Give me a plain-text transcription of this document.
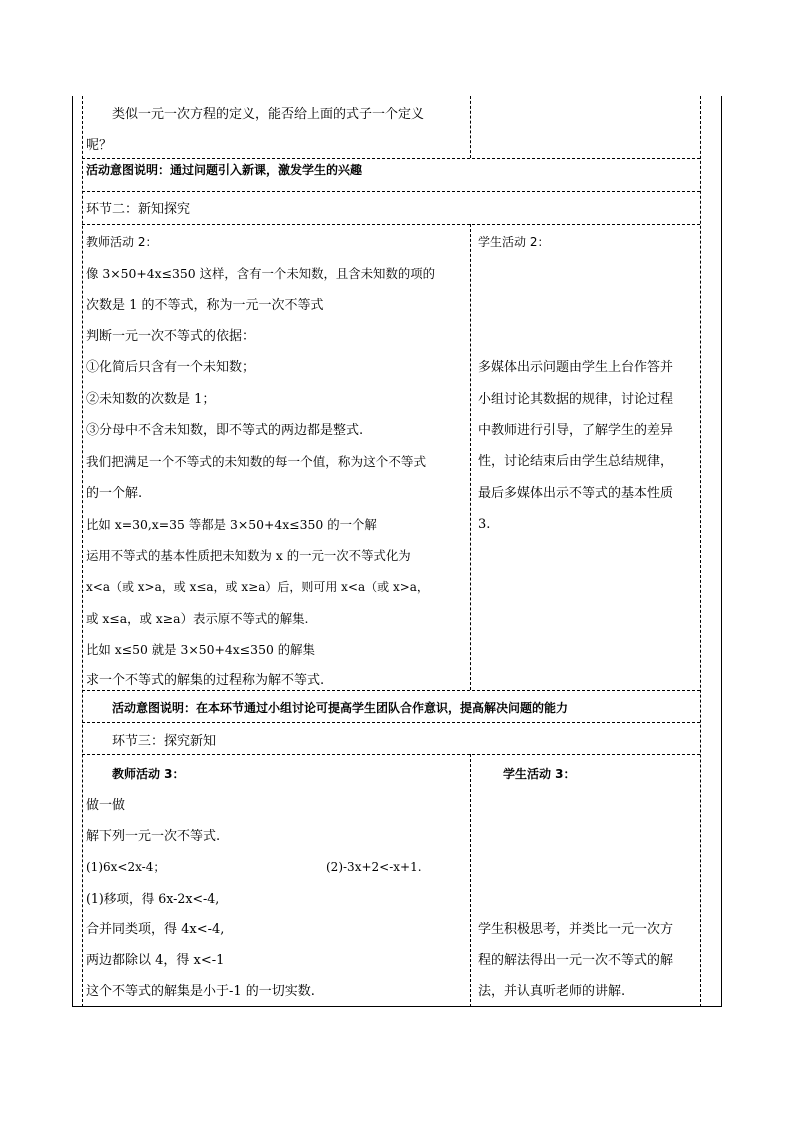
类似一元一次方程的定义，能否给上面的式子一个定义
呢？
活动意图说明：通过问题引入新课，激发学生的兴趣
环节二：新知探究
教师活动 2：
像 3×50+4x≤350 这样，含有一个未知数，且含未知数的项的
次数是 1 的不等式，称为一元一次不等式
判断一元一次不等式的依据：
①化简后只含有一个未知数；
②未知数的次数是 1；
③分母中不含未知数，即不等式的两边都是整式.
我们把满足一个不等式的未知数的每一个值，称为这个不等式
的一个解.
比如 x=30,x=35 等都是 3×50+4x≤350 的一个解
运用不等式的基本性质把未知数为 x 的一元一次不等式化为
x<a（或 x>a，或 x≤a，或 x≥a）后，则可用 x<a（或 x>a，
或 x≤a，或 x≥a）表示原不等式的解集.
比如 x≤50 就是 3×50+4x≤350 的解集
求一个不等式的解集的过程称为解不等式.
学生活动 2：
多媒体出示问题由学生上台作答并
小组讨论其数据的规律，讨论过程
中教师进行引导，了解学生的差异
性，讨论结束后由学生总结规律，
最后多媒体出示不等式的基本性质
3.
活动意图说明：在本环节通过小组讨论可提高学生团队合作意识，提高解决问题的能力
环节三：探究新知
教师活动 3：
做一做
解下列一元一次不等式.
(1)6x<2x-4；	(2)-3x+2<-x+1.
(1)移项，得 6x-2x<-4,
合并同类项，得 4x<-4,
两边都除以 4，得 x<-1
这个不等式的解集是小于-1 的一切实数.
学生活动 3：
学生积极思考，并类比一元一次方
程的解法得出一元一次不等式的解
法，并认真听老师的讲解.
